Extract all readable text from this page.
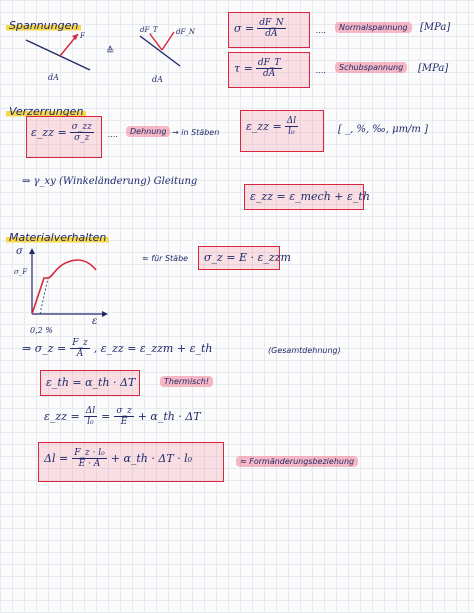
Spannungen
F
dA
≙
dF_T	dF_N
dA
$\sigma = \frac{dF\_N}{dA}$	....	Normalspannung	[MPa]
$\tau = \frac{dF\_T}{dA}$	....	Schubspannung	[MPa]
Verzerrungen
ε_zz = $\frac{\sigma\_zz}{\sigma\_z}$ ....	Dehnung → in Stäben ε_zz = $\frac{\Delta l}{\text{l₀}}$	[ _, %, ‰, μm/m ]
⇒ γ_xy (Winkeländerung) Gleitung
ε_zz = ε_mech + ε_th
Materialverhalten
σ
σ_F
ε
0,2 %
≈ für Stäbe σ_z = E · ε_zzm
⇒ σ_z = $\frac{F\_z}{A}$ , ε_zz = ε_zzm + ε_th	(Gesamtdehnung)
ε_th = α_th · ΔT	Thermisch!
ε_zz = $\frac{\Delta l}{\text{l₀}} = \frac{\sigma\_z}{E}$ + α_th · ΔT
$\Delta l = \frac{\text{F\_z · l₀}}{E \cdot A}$ + α_th · ΔT · l₀	≈ Formänderungsbeziehung
